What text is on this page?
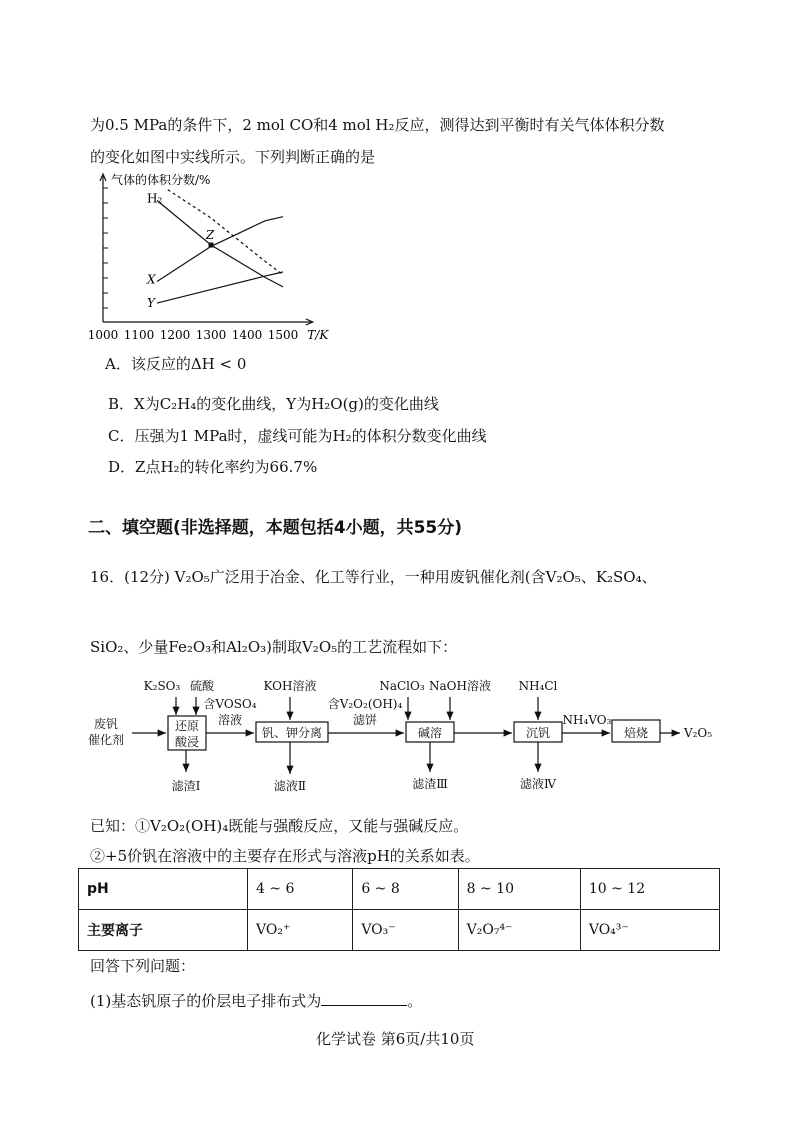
为0.5 MPa的条件下，2 mol CO和4 mol H₂反应，测得达到平衡时有关气体体积分数
的变化如图中实线所示。下列判断正确的是
1000 1100 1200 1300 1400 1500 T/K
气体的体积分数/%
H₂
X
Y
Z
A．该反应的ΔH < 0
B．X为C₂H₄的变化曲线，Y为H₂O(g)的变化曲线
C．压强为1 MPa时，虚线可能为H₂的体积分数变化曲线
D．Z点H₂的转化率约为66.7%
二、填空题(非选择题，本题包括4小题，共55分)
16．(12分) V₂O₅广泛用于冶金、化工等行业，一种用废钒催化剂(含V₂O₅、K₂SO₄、
SiO₂、少量Fe₂O₃和Al₂O₃)制取V₂O₅的工艺流程如下：
废钒
催化剂
K₂SO₃ 硫酸
还原
酸浸
含VOSO₄
溶液
KOH溶液
钒、钾分离
含V₂O₂(OH)₄
滤饼
NaClO₃ NaOH溶液
碱溶
NH₄Cl
沉钒
NH₄VO₃
焙烧	V₂O₅
滤渣Ⅰ	滤液Ⅱ	滤渣Ⅲ	滤液Ⅳ
已知：①V₂O₂(OH)₄既能与强酸反应，又能与强碱反应。
②+5价钒在溶液中的主要存在形式与溶液pH的关系如表。
pH	4 ~ 6	6 ~ 8	8 ~ 10	10 ~ 12
主要离子	VO₂⁺	VO₃⁻	V₂O₇⁴⁻	VO₄³⁻
回答下列问题：
(1)基态钒原子的价层电子排布式为	。
化学试卷 第6页/共10页
